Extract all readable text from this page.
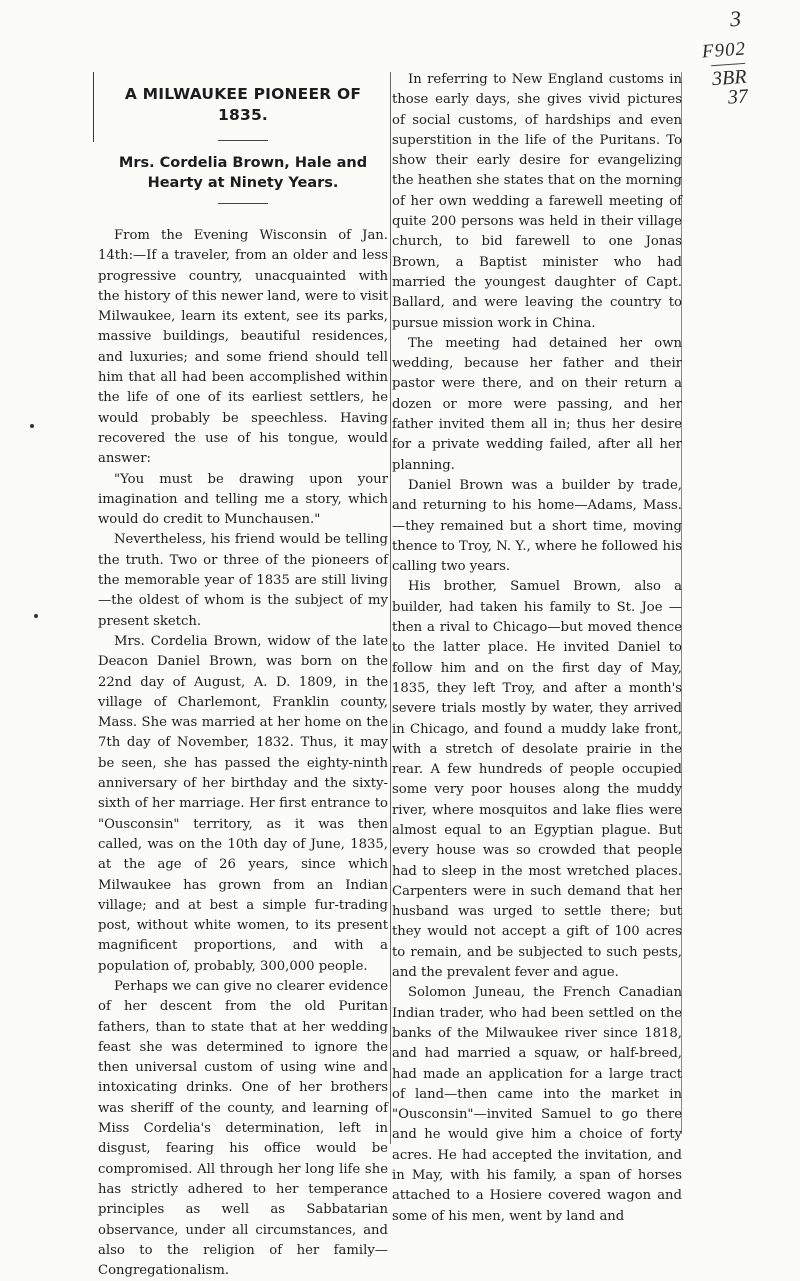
3
F902
3BR
37
A MILWAUKEE PIONEER OF 1835.
Mrs. Cordelia Brown, Hale and Hearty at Ninety Years.

From the Evening Wisconsin of Jan. 14th:—If a traveler, from an older and less progressive country, unacquainted with the history of this newer land, were to visit Milwaukee, learn its extent, see its parks, massive buildings, beautiful residences, and luxuries; and some friend should tell him that all had been accomplished within the life of one of its earliest settlers, he would probably be speechless. Having recovered the use of his tongue, would answer:

"You must be drawing upon your imagination and telling me a story, which would do credit to Munchausen."

Nevertheless, his friend would be telling the truth. Two or three of the pioneers of the memorable year of 1835 are still living—the oldest of whom is the subject of my present sketch.

Mrs. Cordelia Brown, widow of the late Deacon Daniel Brown, was born on the 22nd day of August, A. D. 1809, in the village of Charlemont, Franklin county, Mass. She was married at her home on the 7th day of November, 1832. Thus, it may be seen, she has passed the eighty-ninth anniversary of her birthday and the sixty-sixth of her marriage. Her first entrance to "Ousconsin" territory, as it was then called, was on the 10th day of June, 1835, at the age of 26 years, since which Milwaukee has grown from an Indian village; and at best a simple fur-trading post, without white women, to its present magnificent proportions, and with a population of, probably, 300,000 people.

Perhaps we can give no clearer evidence of her descent from the old Puritan fathers, than to state that at her wedding feast she was determined to ignore the then universal custom of using wine and intoxicating drinks. One of her brothers was sheriff of the county, and learning of Miss Cordelia's determination, left in disgust, fearing his office would be compromised. All through her long life she has strictly adhered to her temperance principles as well as Sabbatarian observance, under all circumstances, and also to the religion of her family—Congregationalism.

In referring to New England customs in those early days, she gives vivid pictures of social customs, of hardships and even superstition in the life of the Puritans. To show their early desire for evangelizing the heathen she states that on the morning of her own wedding a farewell meeting of quite 200 persons was held in their village church, to bid farewell to one Jonas Brown, a Baptist minister who had married the youngest daughter of Capt. Ballard, and were leaving the country to pursue mission work in China.

The meeting had detained her own wedding, because her father and their pastor were there, and on their return a dozen or more were passing, and her father invited them all in; thus her desire for a private wedding failed, after all her planning.

Daniel Brown was a builder by trade, and returning to his home—Adams, Mass.—they remained but a short time, moving thence to Troy, N. Y., where he followed his calling two years.

His brother, Samuel Brown, also a builder, had taken his family to St. Joe —then a rival to Chicago—but moved thence to the latter place. He invited Daniel to follow him and on the first day of May, 1835, they left Troy, and after a month's severe trials mostly by water, they arrived in Chicago, and found a muddy lake front, with a stretch of desolate prairie in the rear. A few hundreds of people occupied some very poor houses along the muddy river, where mosquitos and lake flies were almost equal to an Egyptian plague. But every house was so crowded that people had to sleep in the most wretched places. Carpenters were in such demand that her husband was urged to settle there; but they would not accept a gift of 100 acres to remain, and be subjected to such pests, and the prevalent fever and ague.

Solomon Juneau, the French Canadian Indian trader, who had been settled on the banks of the Milwaukee river since 1818, and had married a squaw, or half-breed, had made an application for a large tract of land—then came into the market in "Ousconsin"—invited Samuel to go there and he would give him a choice of forty acres. He had accepted the invitation, and in May, with his family, a span of horses attached to a Hosiere covered wagon and some of his men, went by land and
